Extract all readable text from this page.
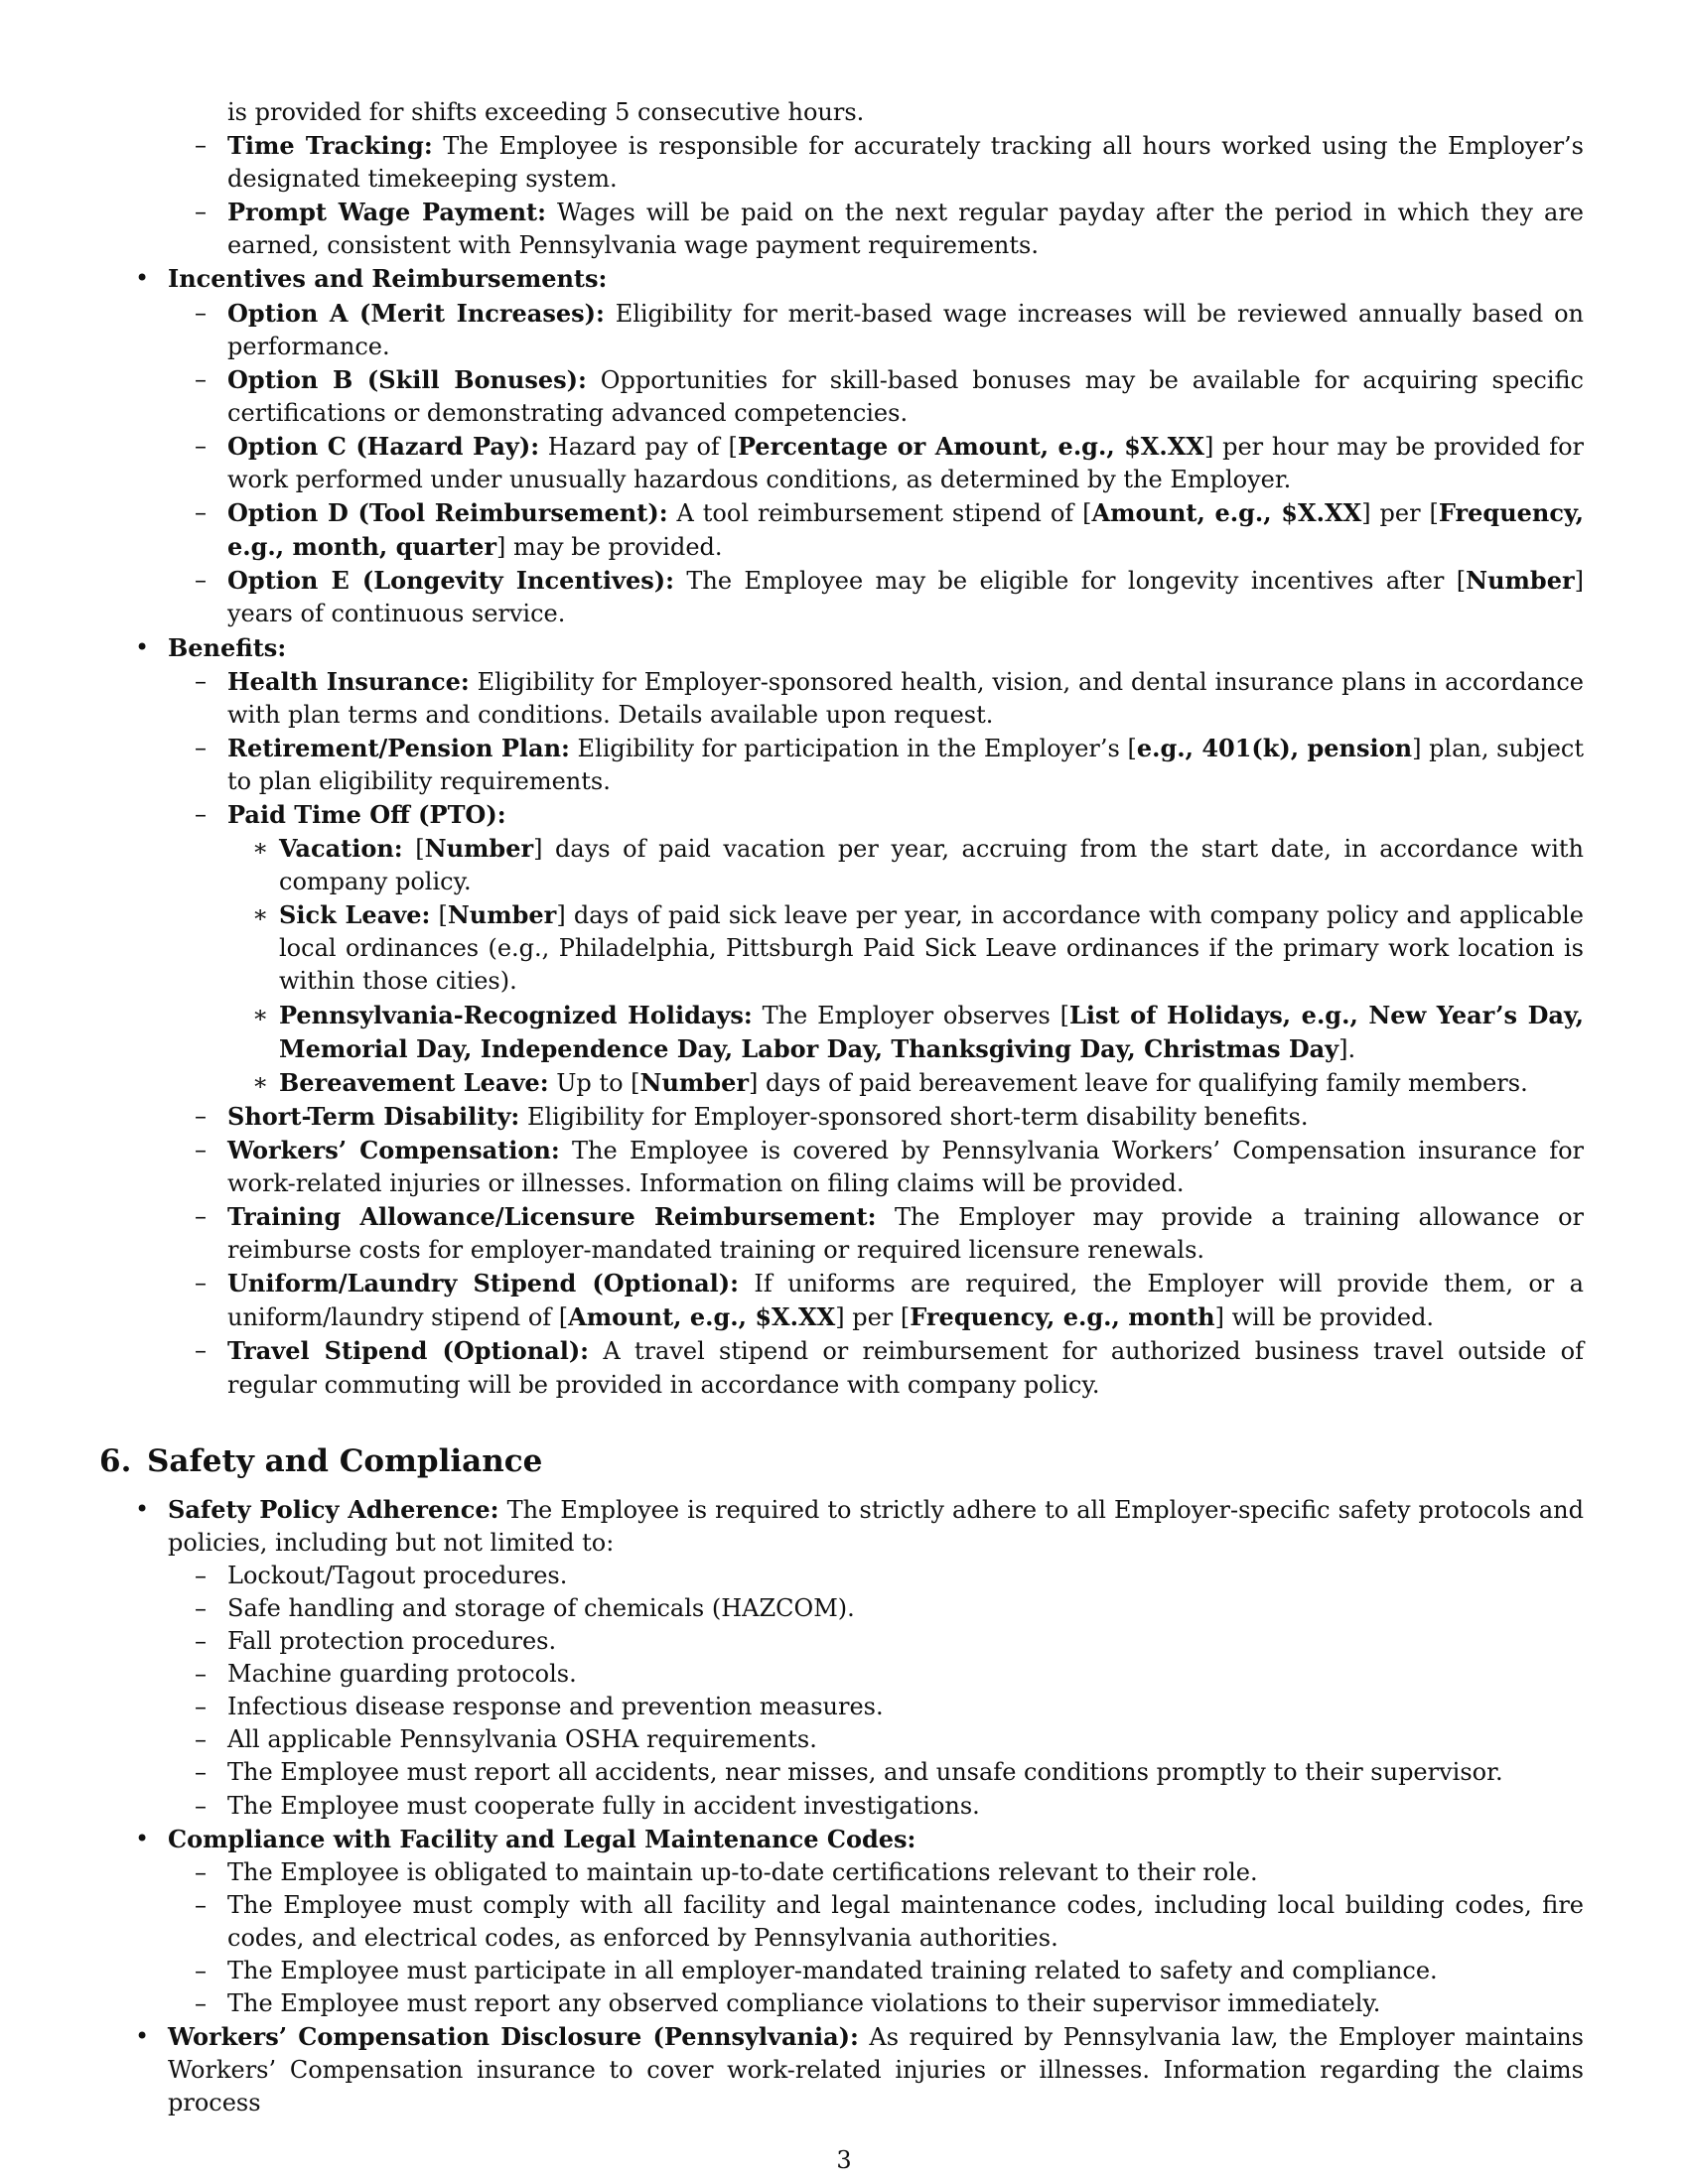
is provided for shifts exceeding 5 consecutive hours.
– Time Tracking: The Employee is responsible for accurately tracking all hours worked using the Employer’s designated timekeeping system.
– Prompt Wage Payment: Wages will be paid on the next regular payday after the period in which they are earned, consistent with Pennsylvania wage payment requirements.
• Incentives and Reimbursements:
– Option A (Merit Increases): Eligibility for merit-based wage increases will be reviewed annually based on performance.
– Option B (Skill Bonuses): Opportunities for skill-based bonuses may be available for acquiring specific certifications or demonstrating advanced competencies.
– Option C (Hazard Pay): Hazard pay of [Percentage or Amount, e.g., $X.XX] per hour may be provided for work performed under unusually hazardous conditions, as determined by the Employer.
– Option D (Tool Reimbursement): A tool reimbursement stipend of [Amount, e.g., $X.XX] per [Frequency, e.g., month, quarter] may be provided.
– Option E (Longevity Incentives): The Employee may be eligible for longevity incentives after [Number] years of continuous service.
• Benefits:
– Health Insurance: Eligibility for Employer-sponsored health, vision, and dental insurance plans in accordance with plan terms and conditions. Details available upon request.
– Retirement/Pension Plan: Eligibility for participation in the Employer’s [e.g., 401(k), pension] plan, subject to plan eligibility requirements.
– Paid Time Off (PTO):
∗ Vacation: [Number] days of paid vacation per year, accruing from the start date, in accordance with company policy.
∗ Sick Leave: [Number] days of paid sick leave per year, in accordance with company policy and applicable local ordinances (e.g., Philadelphia, Pittsburgh Paid Sick Leave ordinances if the primary work location is within those cities).
∗ Pennsylvania-Recognized Holidays: The Employer observes [List of Holidays, e.g., New Year’s Day, Memorial Day, Independence Day, Labor Day, Thanksgiving Day, Christmas Day].
∗ Bereavement Leave: Up to [Number] days of paid bereavement leave for qualifying family members.
– Short-Term Disability: Eligibility for Employer-sponsored short-term disability benefits.
– Workers’ Compensation: The Employee is covered by Pennsylvania Workers’ Compensation insurance for work-related injuries or illnesses. Information on filing claims will be provided.
– Training Allowance/Licensure Reimbursement: The Employer may provide a training allowance or reimburse costs for employer-mandated training or required licensure renewals.
– Uniform/Laundry Stipend (Optional): If uniforms are required, the Employer will provide them, or a uniform/laundry stipend of [Amount, e.g., $X.XX] per [Frequency, e.g., month] will be provided.
– Travel Stipend (Optional): A travel stipend or reimbursement for authorized business travel outside of regular commuting will be provided in accordance with company policy.
6. Safety and Compliance
• Safety Policy Adherence: The Employee is required to strictly adhere to all Employer-specific safety protocols and policies, including but not limited to:
– Lockout/Tagout procedures.
– Safe handling and storage of chemicals (HAZCOM).
– Fall protection procedures.
– Machine guarding protocols.
– Infectious disease response and prevention measures.
– All applicable Pennsylvania OSHA requirements.
– The Employee must report all accidents, near misses, and unsafe conditions promptly to their supervisor.
– The Employee must cooperate fully in accident investigations.
• Compliance with Facility and Legal Maintenance Codes:
– The Employee is obligated to maintain up-to-date certifications relevant to their role.
– The Employee must comply with all facility and legal maintenance codes, including local building codes, fire codes, and electrical codes, as enforced by Pennsylvania authorities.
– The Employee must participate in all employer-mandated training related to safety and compliance.
– The Employee must report any observed compliance violations to their supervisor immediately.
• Workers’ Compensation Disclosure (Pennsylvania): As required by Pennsylvania law, the Employer maintains Workers’ Compensation insurance to cover work-related injuries or illnesses. Information regarding the claims process
3
